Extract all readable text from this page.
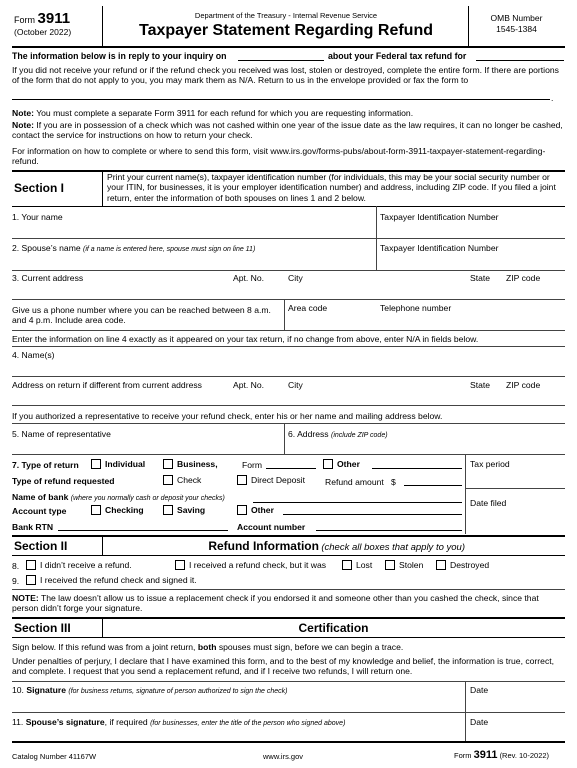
Form 3911
(October 2022)
Department of the Treasury - Internal Revenue Service
Taxpayer Statement Regarding Refund
OMB Number
1545-1384
The information below is in reply to your inquiry on	about your Federal tax refund for
If you did not receive your refund or if the refund check you received was lost, stolen or destroyed, complete the entire form. If there are portions of the form that do not apply to you, you may mark them as N/A. Return to us in the envelope provided or fax the form to
.
Note: You must complete a separate Form 3911 for each refund for which you are requesting information.
Note: If you are in possession of a check which was not cashed within one year of the issue date as the law requires, it can no longer be cashed, contact the service for instructions on how to return your check.
For information on how to complete or where to send this form, visit www.irs.gov/forms-pubs/about-form-3911-taxpayer-statement-regarding-refund.
Section I
Print your current name(s), taxpayer identification number (for individuals, this may be your social security number or your ITIN, for businesses, it is your employer identification number) and address, including ZIP code. If you filed a joint return, enter the information of both spouses on lines 1 and 2 below.
1. Your name	Taxpayer Identification Number
2. Spouse’s name (if a name is entered here, spouse must sign on line 11)	Taxpayer Identification Number
3. Current address	Apt. No.	City	State ZIP code
Give us a phone number where you can be reached between 8 a.m. and 4 p.m. Include area code.
Area code	Telephone number
Enter the information on line 4 exactly as it appeared on your tax return, if no change from above, enter N/A in fields below.
4. Name(s)
Address on return if different from current address	Apt. No.	City	State ZIP code
If you authorized a representative to receive your refund check, enter his or her name and mailing address below.
5. Name of representative	6. Address (include ZIP code)
7. Type of return	Individual	Business,	Form	Other	Tax period
Type of refund requested	Check	Direct Deposit Refund amount $
Name of bank (where you normally cash or deposit your checks)	Date filed
Account type	Checking	Saving	Other
Bank RTN	Account number
Section II	Refund Information (check all boxes that apply to you)
8.	I didn’t receive a refund.	I received a refund check, but it was	Lost	Stolen	Destroyed
9.	I received the refund check and signed it.
NOTE: The law doesn’t allow us to issue a replacement check if you endorsed it and someone other than you cashed the check, since that person didn’t forge your signature.
Section III	Certification
Sign below. If this refund was from a joint return, both spouses must sign, before we can begin a trace.
Under penalties of perjury, I declare that I have examined this form, and to the best of my knowledge and belief, the information is true, correct, and complete. I request that you send a replacement refund, and if I receive two refunds, I will return one.
10. Signature (for business returns, signature of person authorized to sign the check)	Date
11. Spouse’s signature, if required (for businesses, enter the title of the person who signed above)	Date
Catalog Number 41167W	www.irs.gov	Form 3911 (Rev. 10-2022)
